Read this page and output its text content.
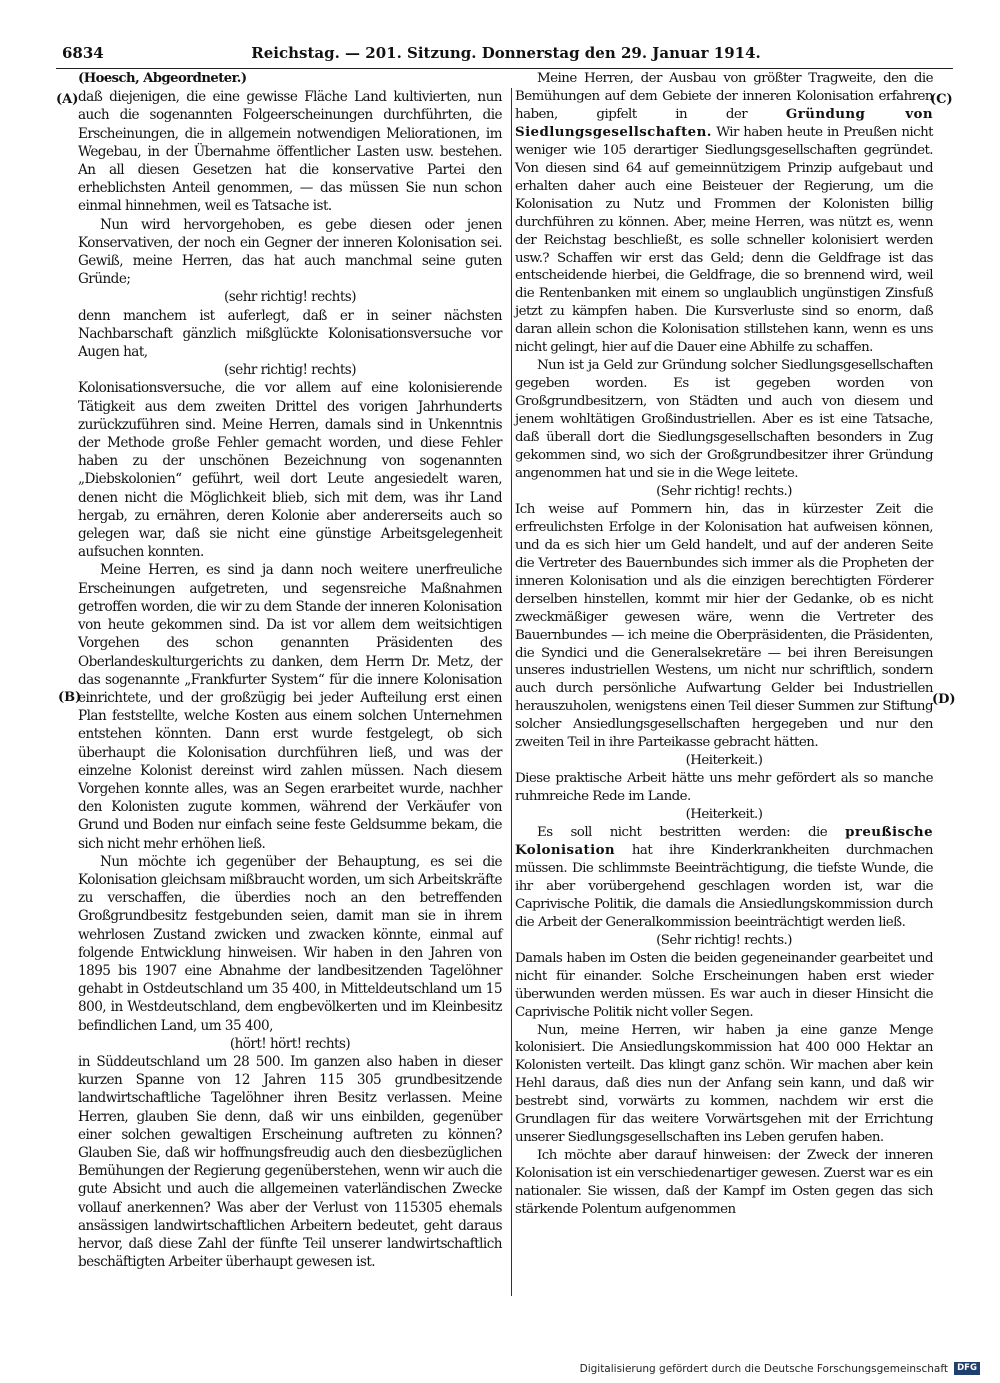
6834	Reichstag. — 201. Sitzung. Donnerstag den 29. Januar 1914.
(A)
(B)
(C)
(D)

(Hoesch, Abgeordneter.)

daß diejenigen, die eine gewisse Fläche Land kultivierten, nun auch die sogenannten Folgeerscheinungen durchführten, die Erscheinungen, die in allgemein notwendigen Meliorationen, im Wegebau, in der Übernahme öffentlicher Lasten usw. bestehen. An all diesen Gesetzen hat die konservative Partei den erheblichsten Anteil genommen, — das müssen Sie nun schon einmal hinnehmen, weil es Tatsache ist.

Nun wird hervorgehoben, es gebe diesen oder jenen Konservativen, der noch ein Gegner der inneren Kolonisation sei. Gewiß, meine Herren, das hat auch manchmal seine guten Gründe;

(sehr richtig! rechts)

denn manchem ist auferlegt, daß er in seiner nächsten Nachbarschaft gänzlich mißglückte Kolonisationsversuche vor Augen hat,

(sehr richtig! rechts)

Kolonisationsversuche, die vor allem auf eine kolonisierende Tätigkeit aus dem zweiten Drittel des vorigen Jahrhunderts zurückzuführen sind. Meine Herren, damals sind in Unkenntnis der Methode große Fehler gemacht worden, und diese Fehler haben zu der unschönen Bezeichnung von sogenannten „Diebskolonien“ geführt, weil dort Leute angesiedelt waren, denen nicht die Möglichkeit blieb, sich mit dem, was ihr Land hergab, zu ernähren, deren Kolonie aber andererseits auch so gelegen war, daß sie nicht eine günstige Arbeitsgelegenheit aufsuchen konnten.

Meine Herren, es sind ja dann noch weitere unerfreuliche Erscheinungen aufgetreten, und segensreiche Maßnahmen getroffen worden, die wir zu dem Stande der inneren Kolonisation von heute gekommen sind. Da ist vor allem dem weitsichtigen Vorgehen des schon genannten Präsidenten des Oberlandeskulturgerichts zu danken, dem Herrn Dr. Metz, der das sogenannte „Frankfurter System“ für die innere Kolonisation einrichtete, und der großzügig bei jeder Aufteilung erst einen Plan feststellte, welche Kosten aus einem solchen Unternehmen entstehen könnten. Dann erst wurde festgelegt, ob sich überhaupt die Kolonisation durchführen ließ, und was der einzelne Kolonist dereinst wird zahlen müssen. Nach diesem Vorgehen konnte alles, was an Segen erarbeitet wurde, nachher den Kolonisten zugute kommen, während der Verkäufer von Grund und Boden nur einfach seine feste Geldsumme bekam, die sich nicht mehr erhöhen ließ.

Nun möchte ich gegenüber der Behauptung, es sei die Kolonisation gleichsam mißbraucht worden, um sich Arbeitskräfte zu verschaffen, die überdies noch an den betreffenden Großgrundbesitz festgebunden seien, damit man sie in ihrem wehrlosen Zustand zwicken und zwacken könnte, einmal auf folgende Entwicklung hinweisen. Wir haben in den Jahren von 1895 bis 1907 eine Abnahme der landbesitzenden Tagelöhner gehabt in Ostdeutschland um 35 400, in Mitteldeutschland um 15 800, in Westdeutschland, dem engbevölkerten und im Kleinbesitz befindlichen Land, um 35 400,

(hört! hört! rechts)

in Süddeutschland um 28 500. Im ganzen also haben in dieser kurzen Spanne von 12 Jahren 115 305 grundbesitzende landwirtschaftliche Tagelöhner ihren Besitz verlassen. Meine Herren, glauben Sie denn, daß wir uns einbilden, gegenüber einer solchen gewaltigen Erscheinung auftreten zu können? Glauben Sie, daß wir hoffnungsfreudig auch den diesbezüglichen Bemühungen der Regierung gegenüberstehen, wenn wir auch die gute Absicht und auch die allgemeinen vaterländischen Zwecke vollauf anerkennen? Was aber der Verlust von 115305 ehemals ansässigen landwirtschaftlichen Arbeitern bedeutet, geht daraus hervor, daß diese Zahl der fünfte Teil unserer landwirtschaftlich beschäftigten Arbeiter überhaupt gewesen ist.

Meine Herren, der Ausbau von größter Tragweite, den die Bemühungen auf dem Gebiete der inneren Kolonisation erfahren haben, gipfelt in der	Gründung von Siedlungsgesellschaften. Wir haben heute in Preußen nicht weniger wie 105 derartiger Siedlungsgesellschaften gegründet. Von diesen sind 64 auf gemeinnützigem Prinzip aufgebaut und erhalten daher auch eine Beisteuer der Regierung, um die Kolonisation zu Nutz und Frommen der Kolonisten billig durchführen zu können. Aber, meine Herren, was nützt es, wenn der Reichstag beschließt, es solle schneller kolonisiert werden usw.? Schaffen wir erst das Geld; denn die Geldfrage ist das entscheidende hierbei, die Geldfrage, die so brennend wird, weil die Rentenbanken mit einem so unglaublich ungünstigen Zinsfuß jetzt zu kämpfen haben. Die Kursverluste sind so enorm, daß daran allein schon die Kolonisation stillstehen kann, wenn es uns nicht gelingt, hier auf die Dauer eine Abhilfe zu schaffen.

Nun ist ja Geld zur Gründung solcher Siedlungsgesellschaften gegeben worden. Es ist gegeben worden von Großgrundbesitzern, von Städten und auch von diesem und jenem wohltätigen Großindustriellen. Aber es ist eine Tatsache, daß überall dort die Siedlungsgesellschaften besonders in Zug gekommen sind, wo sich der Großgrundbesitzer ihrer Gründung angenommen hat und sie in die Wege leitete.

(Sehr richtig! rechts.)

Ich weise auf Pommern hin, das in kürzester Zeit die erfreulichsten Erfolge in der Kolonisation hat aufweisen können, und da es sich hier um Geld handelt, und auf der anderen Seite die Vertreter des Bauernbundes sich immer als die Propheten der inneren Kolonisation und als die einzigen berechtigten Förderer derselben hinstellen, kommt mir hier der Gedanke, ob es nicht zweckmäßiger gewesen wäre, wenn die Vertreter des Bauernbundes — ich meine die Oberpräsidenten, die Präsidenten, die Syndici und die Generalsekretäre — bei ihren Bereisungen unseres industriellen Westens, um nicht nur schriftlich, sondern auch durch persönliche Aufwartung Gelder bei Industriellen herauszuholen, wenigstens einen Teil dieser Summen zur Stiftung solcher Ansiedlungsgesellschaften hergegeben und nur den zweiten Teil in ihre Parteikasse gebracht hätten.

(Heiterkeit.)

Diese praktische Arbeit hätte uns mehr gefördert als so manche ruhmreiche Rede im Lande.

(Heiterkeit.)

Es soll nicht bestritten werden: die preußische Kolonisation hat ihre Kinderkrankheiten durchmachen müssen. Die schlimmste Beeinträchtigung, die tiefste Wunde, die ihr aber vorübergehend geschlagen worden ist, war die Caprivische Politik, die damals die Ansiedlungskommission durch die Arbeit der Generalkommission beeinträchtigt werden ließ.

(Sehr richtig! rechts.)

Damals haben im Osten die beiden gegeneinander gearbeitet und nicht für einander. Solche Erscheinungen haben erst wieder überwunden werden müssen. Es war auch in dieser Hinsicht die Caprivische Politik nicht voller Segen.

Nun, meine Herren, wir haben ja eine ganze Menge kolonisiert. Die Ansiedlungskommission hat 400 000 Hektar an Kolonisten verteilt. Das klingt ganz schön. Wir machen aber kein Hehl daraus, daß dies nun der Anfang sein kann, und daß wir bestrebt sind, vorwärts zu kommen, nachdem wir erst die Grundlagen für das weitere Vorwärtsgehen mit der Errichtung unserer Siedlungsgesellschaften ins Leben gerufen haben.

Ich möchte aber darauf hinweisen: der Zweck der inneren Kolonisation ist ein verschiedenartiger gewesen. Zuerst war es ein nationaler. Sie wissen, daß der Kampf im Osten gegen das sich stärkende Polentum aufgenommen

Digitalisierung gefördert durch die Deutsche Forschungsgemeinschaft	DFG
